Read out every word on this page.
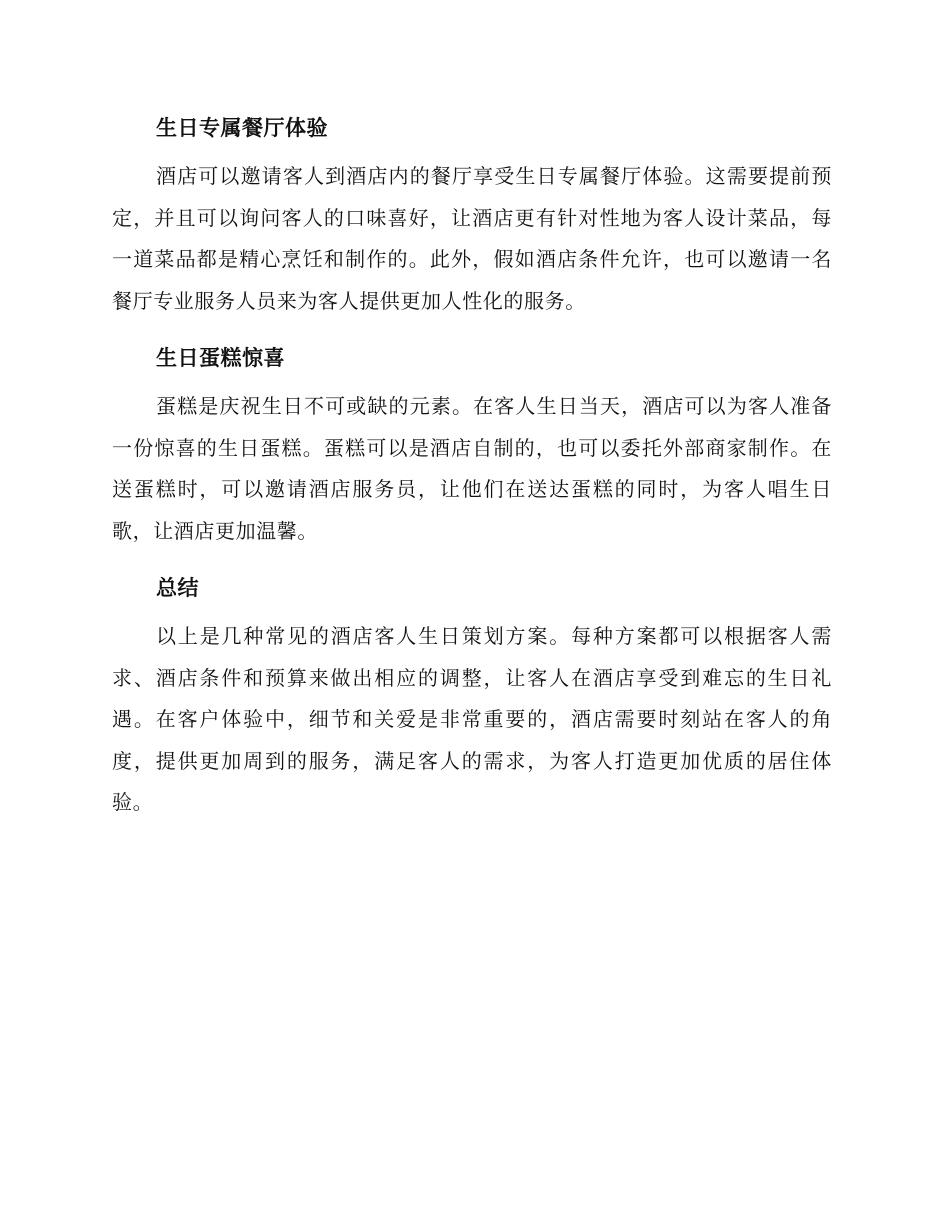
生日专属餐厅体验

酒店可以邀请客人到酒店内的餐厅享受生日专属餐厅体验。这需要提前预定，并且可以询问客人的口味喜好，让酒店更有针对性地为客人设计菜品，每一道菜品都是精心烹饪和制作的。此外，假如酒店条件允许，也可以邀请一名餐厅专业服务人员来为客人提供更加人性化的服务。

生日蛋糕惊喜

蛋糕是庆祝生日不可或缺的元素。在客人生日当天，酒店可以为客人准备一份惊喜的生日蛋糕。蛋糕可以是酒店自制的，也可以委托外部商家制作。在送蛋糕时，可以邀请酒店服务员，让他们在送达蛋糕的同时，为客人唱生日歌，让酒店更加温馨。

总结

以上是几种常见的酒店客人生日策划方案。每种方案都可以根据客人需求、酒店条件和预算来做出相应的调整，让客人在酒店享受到难忘的生日礼遇。在客户体验中，细节和关爱是非常重要的，酒店需要时刻站在客人的角度，提供更加周到的服务，满足客人的需求，为客人打造更加优质的居住体验。
